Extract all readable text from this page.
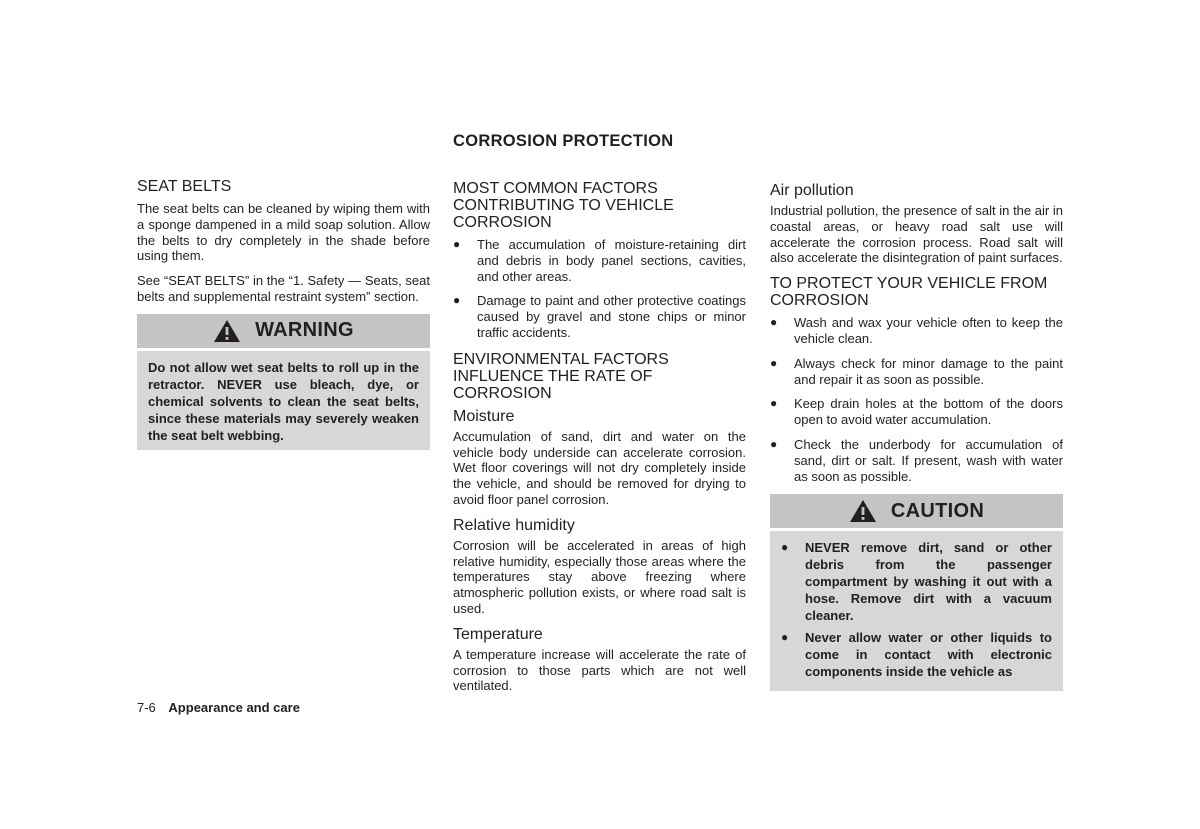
CORROSION PROTECTION
SEAT BELTS

The seat belts can be cleaned by wiping them with a sponge dampened in a mild soap solution. Allow the belts to dry completely in the shade before using them.

See “SEAT BELTS” in the “1. Safety — Seats, seat belts and supplemental restraint system” section.

WARNING
Do not allow wet seat belts to roll up in the retractor. NEVER use bleach, dye, or chemical solvents to clean the seat belts, since these materials may severely weaken the seat belt webbing.
MOST COMMON FACTORS CONTRIBUTING TO VEHICLE CORROSION
● The accumulation of moisture-retaining dirt and debris in body panel sections, cavities, and other areas.
● Damage to paint and other protective coatings caused by gravel and stone chips or minor traffic accidents.
ENVIRONMENTAL FACTORS INFLUENCE THE RATE OF CORROSION
Moisture

Accumulation of sand, dirt and water on the vehicle body underside can accelerate corrosion. Wet floor coverings will not dry completely inside the vehicle, and should be removed for drying to avoid floor panel corrosion.

Relative humidity

Corrosion will be accelerated in areas of high relative humidity, especially those areas where the temperatures stay above freezing where atmospheric pollution exists, or where road salt is used.

Temperature

A temperature increase will accelerate the rate of corrosion to those parts which are not well ventilated.

Air pollution

Industrial pollution, the presence of salt in the air in coastal areas, or heavy road salt use will accelerate the corrosion process. Road salt will also accelerate the disintegration of paint surfaces.

TO PROTECT YOUR VEHICLE FROM CORROSION
● Wash and wax your vehicle often to keep the vehicle clean.
● Always check for minor damage to the paint and repair it as soon as possible.
● Keep drain holes at the bottom of the doors open to avoid water accumulation.
● Check the underbody for accumulation of sand, dirt or salt. If present, wash with water as soon as possible.
CAUTION
● NEVER remove dirt, sand or other debris from the passenger compartment by washing it out with a hose. Remove dirt with a vacuum cleaner.
● Never allow water or other liquids to come in contact with electronic components inside the vehicle as
7-6 Appearance and care
